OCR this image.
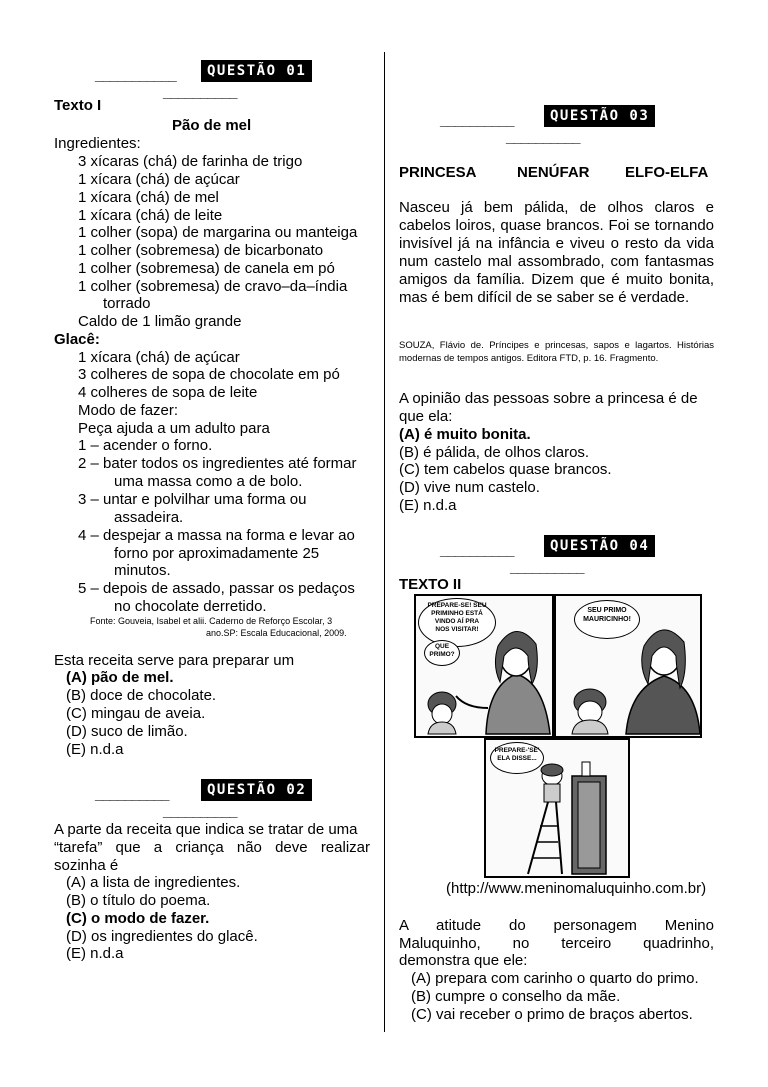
___________	QUESTÃO 01
__________
Texto I
Pão de mel
Ingredientes:
3 xícaras (chá) de farinha de trigo
1 xícara (chá) de açúcar
1 xícara (chá) de mel
1 xícara (chá) de leite
1 colher (sopa) de margarina ou manteiga
1 colher (sobremesa) de bicarbonato
1 colher (sobremesa) de canela em pó
1 colher (sobremesa) de cravo–da–índia
torrado
Caldo de 1 limão grande
Glacê:
1 xícara (chá) de açúcar
3 colheres de sopa de chocolate em pó
4 colheres de sopa de leite
Modo de fazer:
Peça ajuda a um adulto para
1 – acender o forno.
2 – bater todos os ingredientes até formar
uma massa como a de bolo.
3 – untar e polvilhar uma forma ou
assadeira.
4 – despejar a massa na forma e levar ao
forno por aproximadamente 25
minutos.
5 – depois de assado, passar os pedaços
no chocolate derretido.
Fonte: Gouveia, Isabel et alii. Caderno de Reforço Escolar, 3
ano.SP: Escala Educacional, 2009.
Esta receita serve para preparar um
(A) pão de mel.
(B) doce de chocolate.
(C) mingau de aveia.
(D) suco de limão.
(E) n.d.a
__________	QUESTÃO 02
__________
A parte da receita que indica se tratar de uma
“tarefa” que a criança não deve realizar
sozinha é
(A) a lista de ingredientes.
(B) o título do poema.
(C) o modo de fazer.
(D) os ingredientes do glacê.
(E) n.d.a
__________	QUESTÃO 03
__________
PRINCESA	NENÚFAR ELFO-ELFA
Nasceu já bem pálida, de olhos claros e cabelos loiros, quase brancos. Foi se tornando invisível já na infância e viveu o resto da vida num castelo mal assombrado, com fantasmas amigos da família. Dizem que é muito bonita, mas é bem difícil de se saber se é verdade.
SOUZA, Flávio de. Príncipes e princesas, sapos e lagartos. Histórias modernas de tempos antigos. Editora FTD, p. 16. Fragmento.
A opinião das pessoas sobre a princesa é de
que ela:
(A) é muito bonita.
(B) é pálida, de olhos claros.
(C) tem cabelos quase brancos.
(D) vive num castelo.
(E) n.d.a
__________	QUESTÃO 04
__________
TEXTO II
PREPARE-SE! SEU
PRIMINHO ESTÁ
VINDO AÍ PRA
NOS VISITAR!
QUE
PRIMO?
SEU PRIMO
MAURICINHO!
PREPARE-'SE'
ELA DISSE...
(http://www.meninomaluquinho.com.br)
A atitude do personagem Menino
Maluquinho, no terceiro quadrinho,
demonstra que ele:
(A) prepara com carinho o quarto do primo.
(B) cumpre o conselho da mãe.
(C) vai receber o primo de braços abertos.
